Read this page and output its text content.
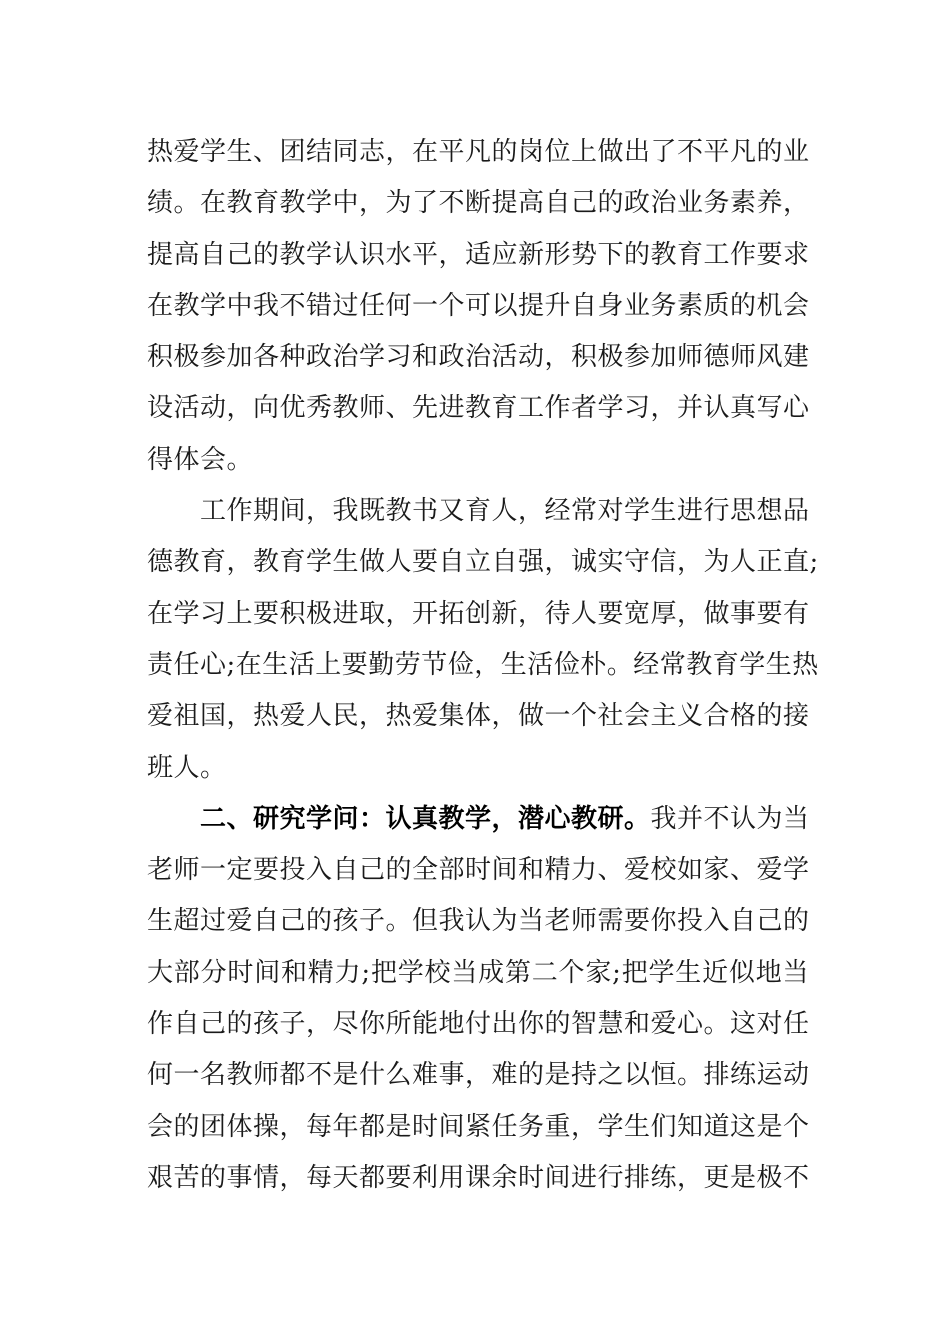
热爱学生、团结同志，在平凡的岗位上做出了不平凡的业
绩。在教育教学中，为了不断提高自己的政治业务素养，
提高自己的教学认识水平，适应新形势下的教育工作要求
在教学中我不错过任何一个可以提升自身业务素质的机会
积极参加各种政治学习和政治活动，积极参加师德师风建
设活动，向优秀教师、先进教育工作者学习，并认真写心
得体会。
工作期间，我既教书又育人，经常对学生进行思想品
德教育，教育学生做人要自立自强，诚实守信，为人正直;
在学习上要积极进取，开拓创新，待人要宽厚，做事要有
责任心;在生活上要勤劳节俭，生活俭朴。经常教育学生热
爱祖国，热爱人民，热爱集体，做一个社会主义合格的接
班人。
二、研究学问：认真教学，潜心教研。我并不认为当
老师一定要投入自己的全部时间和精力、爱校如家、爱学
生超过爱自己的孩子。但我认为当老师需要你投入自己的
大部分时间和精力;把学校当成第二个家;把学生近似地当
作自己的孩子，尽你所能地付出你的智慧和爱心。这对任
何一名教师都不是什么难事，难的是持之以恒。排练运动
会的团体操，每年都是时间紧任务重，学生们知道这是个
艰苦的事情，每天都要利用课余时间进行排练，更是极不
